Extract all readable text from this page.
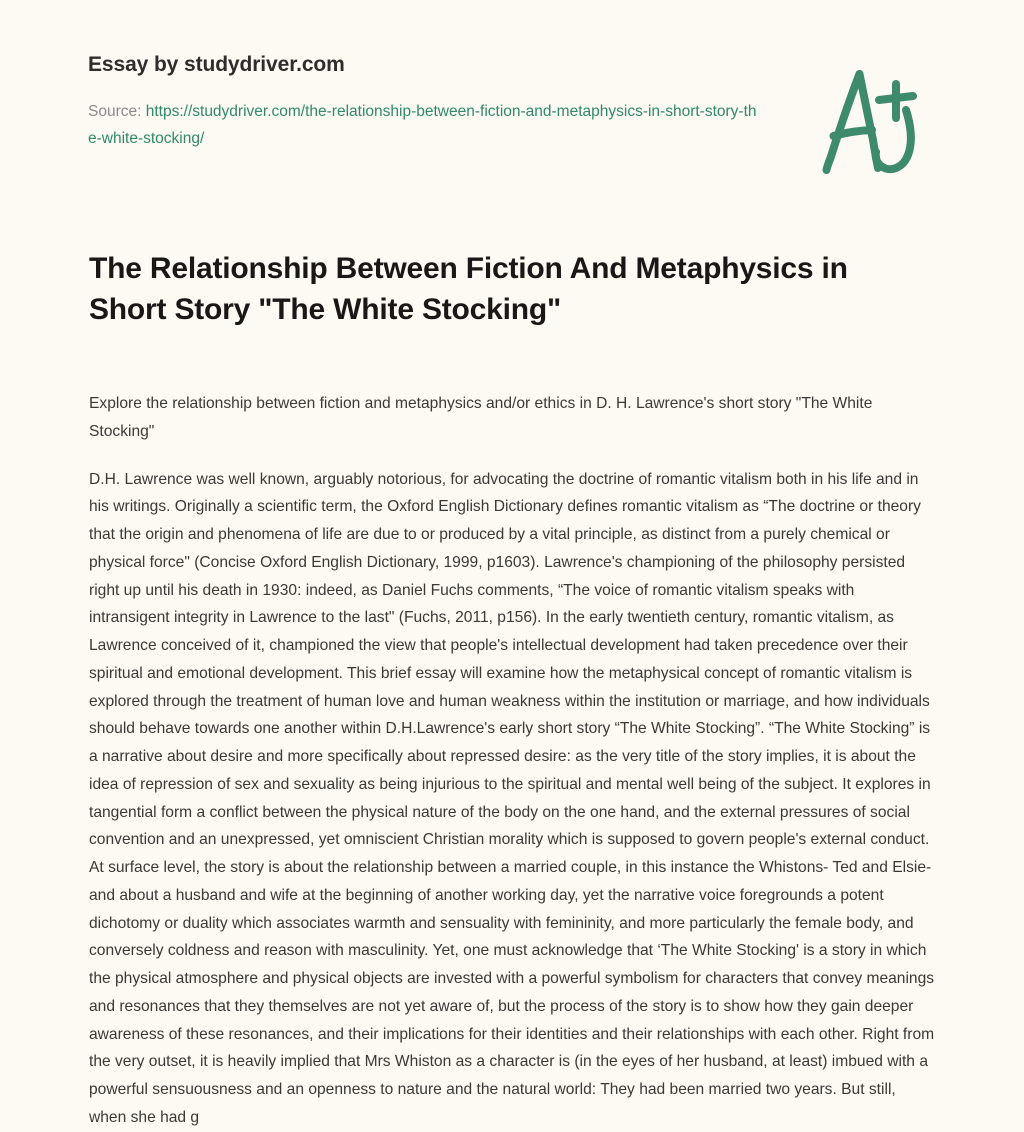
Essay by studydriver.com
Source: https://studydriver.com/the-relationship-between-fiction-and-metaphysics-in-short-story-the-white-stocking/
The Relationship Between Fiction And Metaphysics in Short Story "The White Stocking"

Explore the relationship between fiction and metaphysics and/or ethics in D. H. Lawrence's short story "The White Stocking"

D.H. Lawrence was well known, arguably notorious, for advocating the doctrine of romantic vitalism both in his life and in his writings. Originally a scientific term, the Oxford English Dictionary defines romantic vitalism as “The doctrine or theory that the origin and phenomena of life are due to or produced by a vital principle, as distinct from a purely chemical or physical force" (Concise Oxford English Dictionary, 1999, p1603). Lawrence's championing of the philosophy persisted right up until his death in 1930: indeed, as Daniel Fuchs comments, “The voice of romantic vitalism speaks with intransigent integrity in Lawrence to the last" (Fuchs, 2011, p156). In the early twentieth century, romantic vitalism, as Lawrence conceived of it, championed the view that people's intellectual development had taken precedence over their spiritual and emotional development. This brief essay will examine how the metaphysical concept of romantic vitalism is explored through the treatment of human love and human weakness within the institution or marriage, and how individuals should behave towards one another within D.H.Lawrence's early short story “The White Stocking”. “The White Stocking” is a narrative about desire and more specifically about repressed desire: as the very title of the story implies, it is about the idea of repression of sex and sexuality as being injurious to the spiritual and mental well being of the subject. It explores in tangential form a conflict between the physical nature of the body on the one hand, and the external pressures of social convention and an unexpressed, yet omniscient Christian morality which is supposed to govern people's external conduct. At surface level, the story is about the relationship between a married couple, in this instance the Whistons- Ted and Elsie- and about a husband and wife at the beginning of another working day, yet the narrative voice foregrounds a potent dichotomy or duality which associates warmth and sensuality with femininity, and more particularly the female body, and conversely coldness and reason with masculinity. Yet, one must acknowledge that ‘The White Stocking' is a story in which the physical atmosphere and physical objects are invested with a powerful symbolism for characters that convey meanings and resonances that they themselves are not yet aware of, but the process of the story is to show how they gain deeper awareness of these resonances, and their implications for their identities and their relationships with each other. Right from the very outset, it is heavily implied that Mrs Whiston as a character is (in the eyes of her husband, at least) imbued with a powerful sensuousness and an openness to nature and the natural world: They had been married two years. But still, when she had g
